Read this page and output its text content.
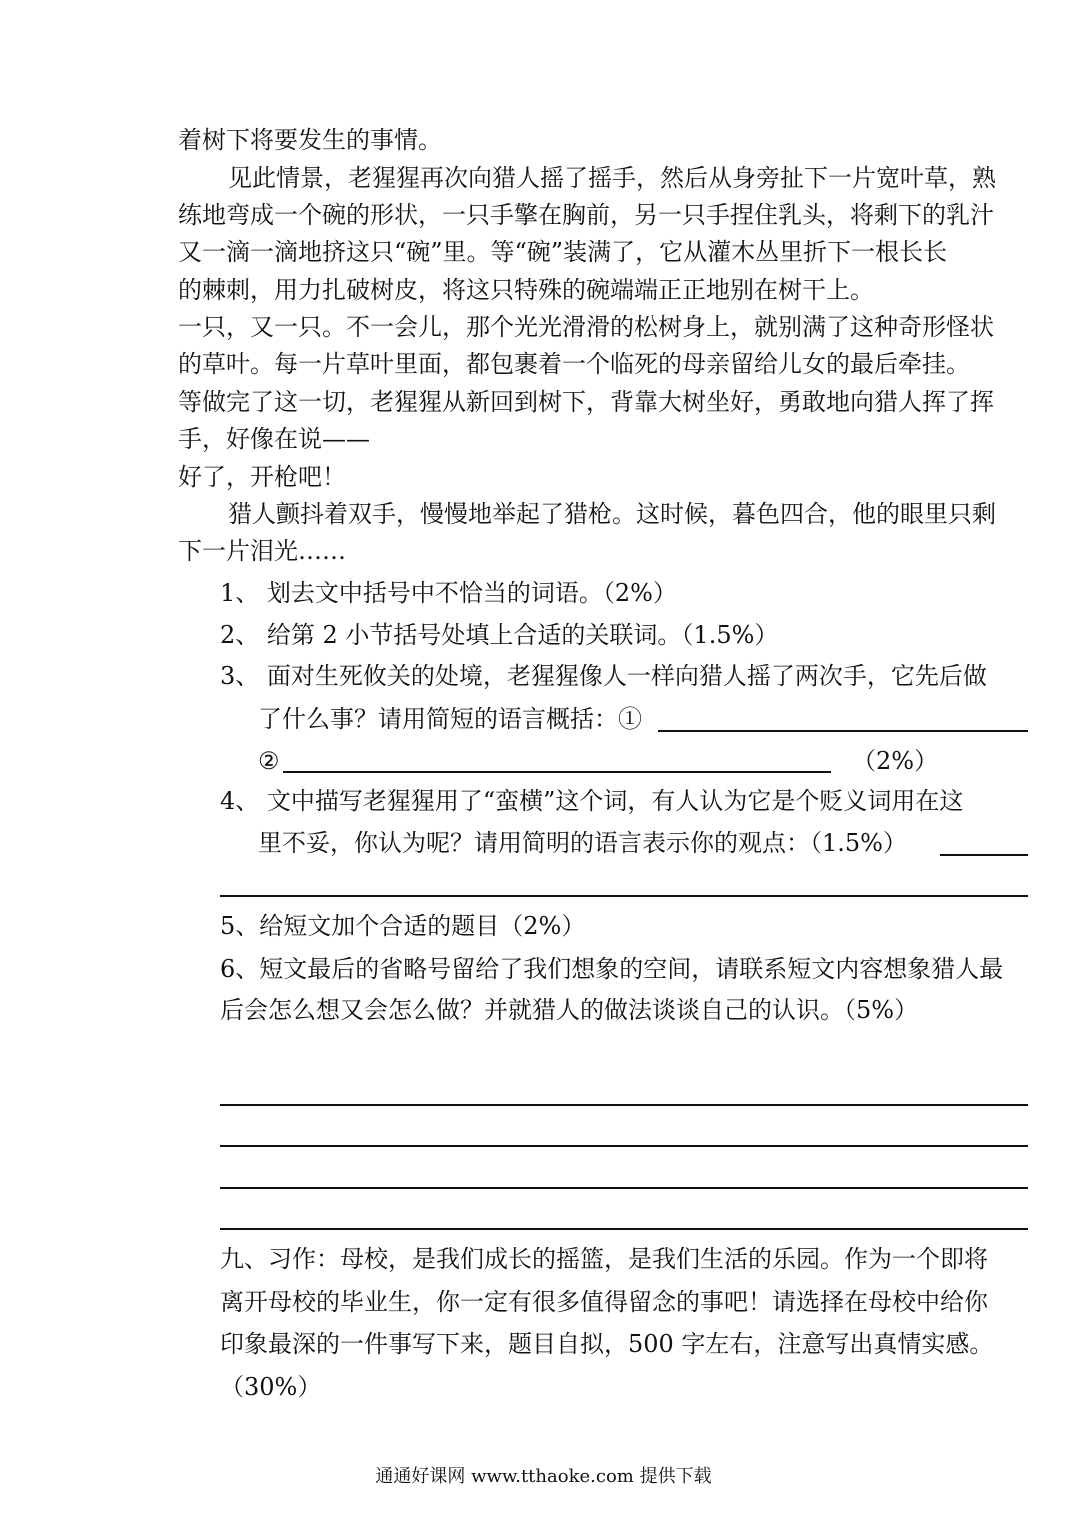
着树下将要发生的事情。
见此情景，老猩猩再次向猎人摇了摇手，然后从身旁扯下一片宽叶草，熟
练地弯成一个碗的形状，一只手擎在胸前，另一只手捏住乳头，将剩下的乳汁
又一滴一滴地挤这只“碗”里。等“碗”装满了，它从灌木丛里折下一根长长
的棘刺，用力扎破树皮，将这只特殊的碗端端正正地别在树干上。
一只，又一只。不一会儿，那个光光滑滑的松树身上，就别满了这种奇形怪状
的草叶。每一片草叶里面，都包裹着一个临死的母亲留给儿女的最后牵挂。
等做完了这一切，老猩猩从新回到树下，背靠大树坐好，勇敢地向猎人挥了挥
手，好像在说——
好了，开枪吧！
猎人颤抖着双手，慢慢地举起了猎枪。这时候，暮色四合，他的眼里只剩
下一片泪光……
1、 划去文中括号中不恰当的词语。（2%）
2、 给第 2 小节括号处填上合适的关联词。（1.5%）
3、 面对生死攸关的处境，老猩猩像人一样向猎人摇了两次手，它先后做
了什么事？请用简短的语言概括：①
②	（2%）
4、 文中描写老猩猩用了“蛮横”这个词，有人认为它是个贬义词用在这
里不妥，你认为呢？请用简明的语言表示你的观点：（1.5%）
5、给短文加个合适的题目（2%）
6、短文最后的省略号留给了我们想象的空间，请联系短文内容想象猎人最
后会怎么想又会怎么做？并就猎人的做法谈谈自己的认识。（5%）
九、习作：母校，是我们成长的摇篮，是我们生活的乐园。作为一个即将
离开母校的毕业生，你一定有很多值得留念的事吧！请选择在母校中给你
印象最深的一件事写下来，题目自拟，500 字左右，注意写出真情实感。
（30%）
通通好课网 www.tthaoke.com 提供下载
